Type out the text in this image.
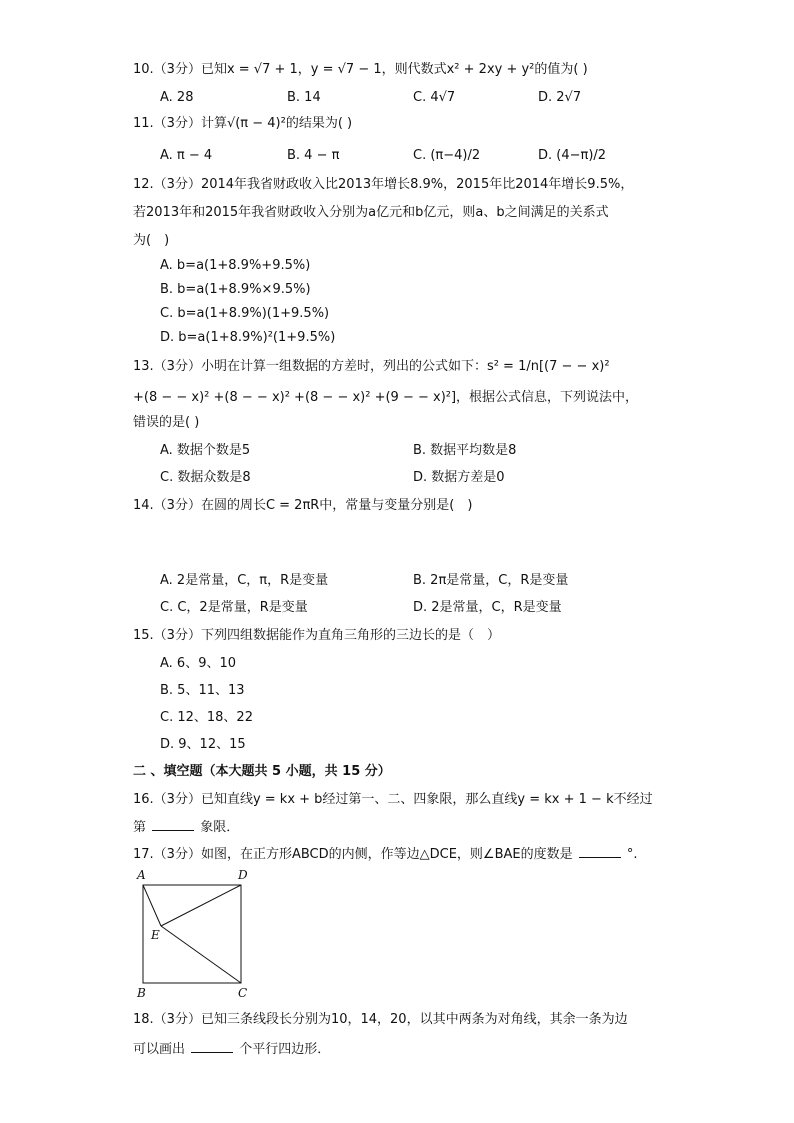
10.（3分）已知x = √7 + 1，y = √7 − 1，则代数式x² + 2xy + y²的值为( )
A. 28	B. 14	C. 4√7	D. 2√7
11.（3分）计算√(π − 4)²的结果为( )
A. π − 4	B. 4 − π	C. (π−4)/2	D. (4−π)/2
12.（3分）2014年我省财政收入比2013年增长8.9%，2015年比2014年增长9.5%，
若2013年和2015年我省财政收入分别为a亿元和b亿元，则a、b之间满足的关系式
为(　)
A. b=a(1+8.9%+9.5%)
B. b=a(1+8.9%×9.5%)
C. b=a(1+8.9%)(1+9.5%)
D. b=a(1+8.9%)²(1+9.5%)
13.（3分）小明在计算一组数据的方差时，列出的公式如下：s² = 1/n[(7 − − x)²
+(8 − − x)² +(8 − − x)² +(8 − − x)² +(9 − − x)²]，根据公式信息，下列说法中，
错误的是( )
A. 数据个数是5	B. 数据平均数是8
C. 数据众数是8	D. 数据方差是0
14.（3分）在圆的周长C = 2πR中，常量与变量分别是(　)
A. 2是常量，C，π，R是变量	B. 2π是常量，C，R是变量
C. C，2是常量，R是变量	D. 2是常量，C，R是变量
15.（3分）下列四组数据能作为直角三角形的三边长的是（　）
A. 6、9、10
B. 5、11、13
C. 12、18、22
D. 9、12、15
二 、填空题（本大题共 5 小题，共 15 分）
16.（3分）已知直线y = kx + b经过第一、二、四象限，那么直线y = kx + 1 − k不经过
第	象限．
17.（3分）如图，在正方形ABCD的内侧，作等边△DCE，则∠BAE的度数是	°.
A	D
E
B	C
18.（3分）已知三条线段长分别为10，14，20，以其中两条为对角线，其余一条为边
可以画出	个平行四边形．
